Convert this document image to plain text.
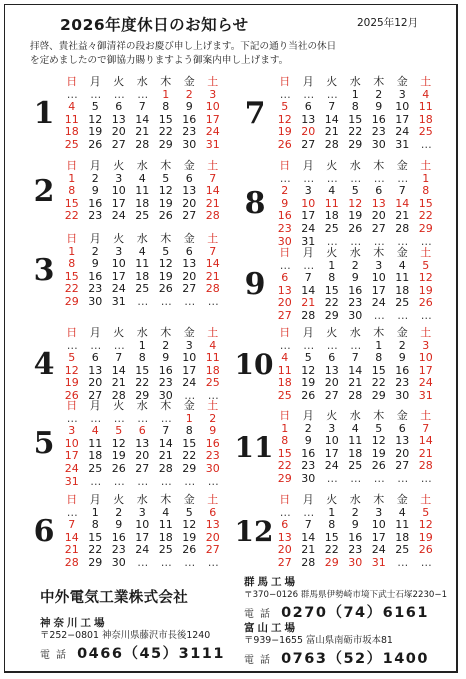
2026年度休日のお知らせ	2025年12月
拝啓、貴社益々御清祥の段お慶び申し上げます。下記の通り当社の休日
を定めましたので御協力賜りますよう御案内申し上げます。
1
日	月	火	水	木	金	土
…	…	…	…	1	2	3
4	5	6	7	8	9	10
11 12 13 14 15 16 17
18 19 20 21 22 23 24
25 26 27 28 29 30 31
2
日	月	火	水	木	金	土
1	2	3	4	5	6	7
8	9	10 11 12 13 14
15 16 17 18 19 20 21
22 23 24 25 26 27 28
3
日	月	火	水	木	金	土
1	2	3	4	5	6	7
8	9	10 11 12 13 14
15 16 17 18 19 20 21
22 23 24 25 26 27 28
29 30 31	…	…	…	…
4
日	月	火	水	木	金	土
…	…	…	1	2	3	4
5	6	7	8	9	10 11
12 13 14 15 16 17 18
19 20 21 22 23 24 25
26 27 28 29 30	…	…
5
日	月	火	水	木	金	土
…	…	…	…	…	1	2
3	4	5	6	7	8	9
10 11 12 13 14 15 16
17 18 19 20 21 22 23
24 25 26 27 28 29 30
31	…	…	…	…	…	…
6
日	月	火	水	木	金	土
…	1	2	3	4	5	6
7	8	9	10 11 12 13
14 15 16 17 18 19 20
21 22 23 24 25 26 27
28 29 30	…	…	…	…
7
日	月	火	水	木	金	土
…	…	…	1	2	3	4
5	6	7	8	9	10 11
12 13 14 15 16 17 18
19 20 21 22 23 24 25
26 27 28 29 30 31	…
8
日	月	火	水	木	金	土
…	…	…	…	…	…	1
2	3	4	5	6	7	8
9	10 11 12 13 14 15
16 17 18 19 20 21 22
23 24 25 26 27 28 29
30 31	…	…	…	…	…
9
日	月	火	水	木	金	土
…	…	1	2	3	4	5
6	7	8	9	10 11 12
13 14 15 16 17 18 19
20 21 22 23 24 25 26
27 28 29 30	…	…	…
10
日	月	火	水	木	金	土
…	…	…	…	1	2	3
4	5	6	7	8	9	10
11 12 13 14 15 16 17
18 19 20 21 22 23 24
25 26 27 28 29 30 31
11
日	月	火	水	木	金	土
1	2	3	4	5	6	7
8	9	10 11 12 13 14
15 16 17 18 19 20 21
22 23 24 25 26 27 28
29 30	…	…	…	…	…
12
日	月	火	水	木	金	土
…	…	1	2	3	4	5
6	7	8	9	10 11 12
13 14 15 16 17 18 19
20 21 22 23 24 25 26
27 28 29 30 31	…	…
中外電気工業株式会社
神奈川工場
〒252−0801 神奈川県藤沢市長後1240
電話 0466（45）3111
群馬工場
〒370−0126 群馬県伊勢崎市境下武士石塚2230−1
電話 0270（74）6161
富山工場
〒939−1655 富山県南砺市坂本81
電話 0763（52）1400
